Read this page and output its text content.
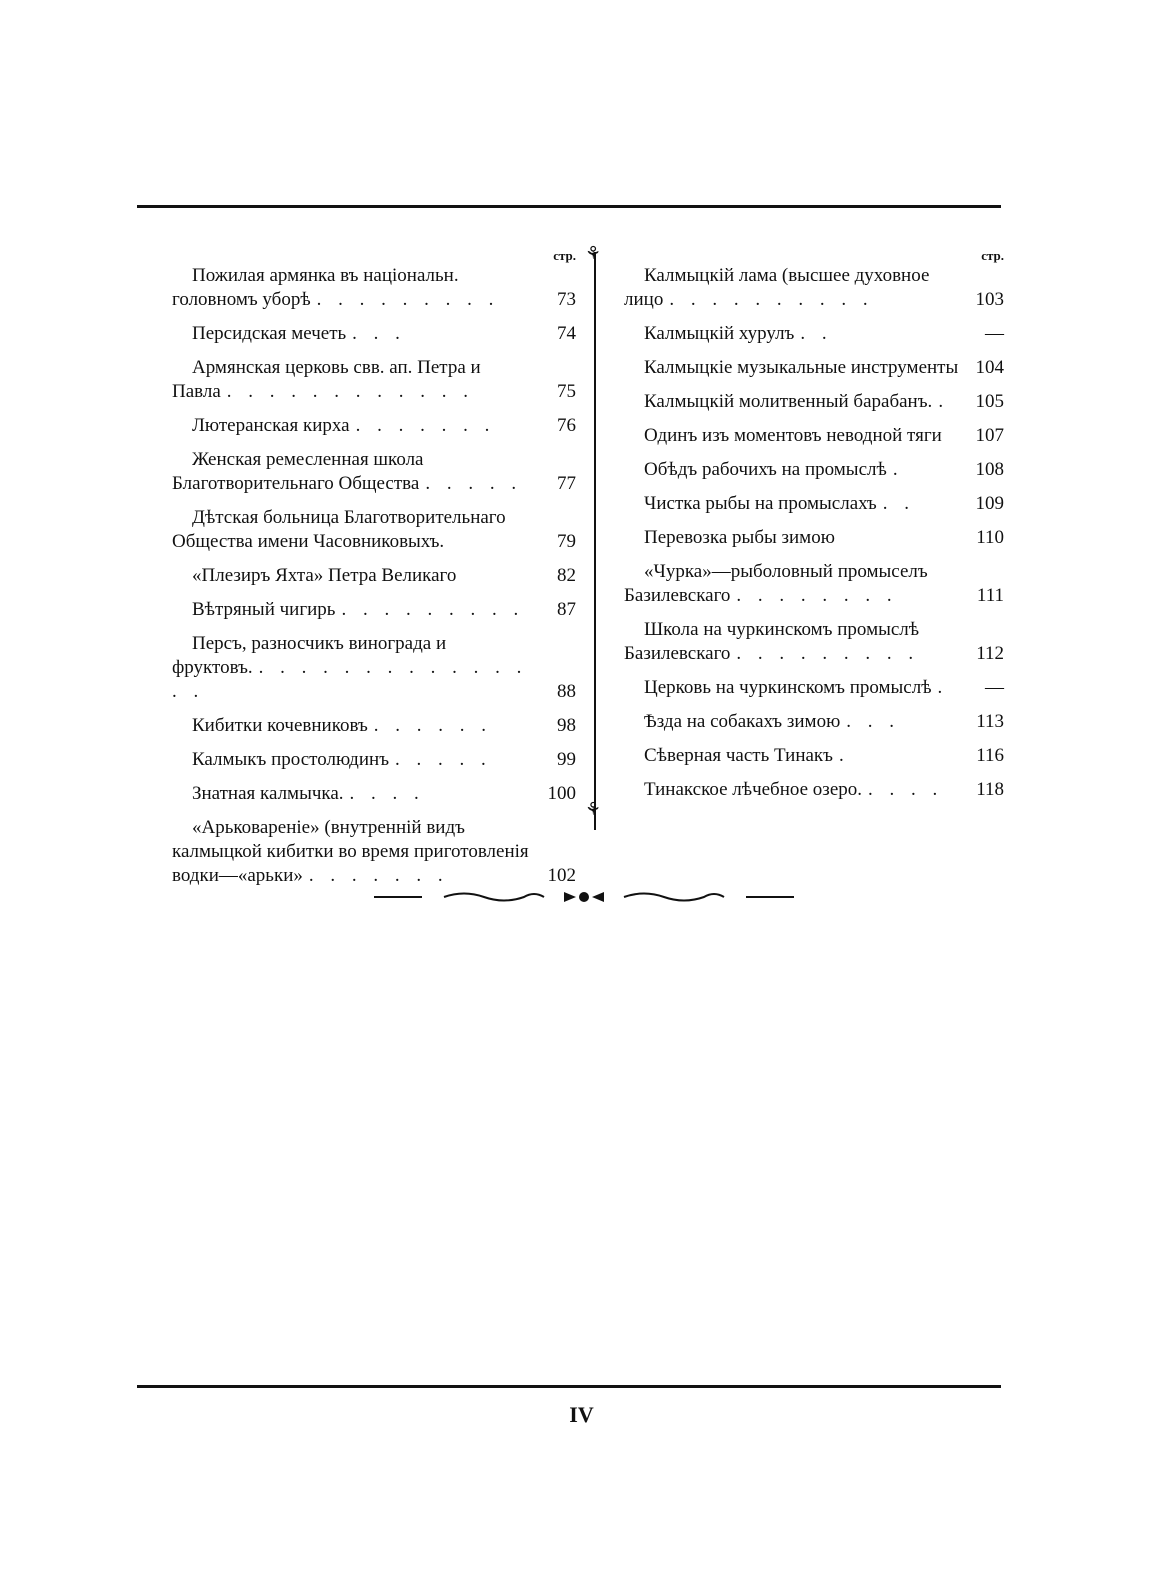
стр.
Пожилая армянка въ національн. головномъ уборѣ . . . . . . . . .	73
Персидская мечеть . . .	74
Армянская церковь свв. ап. Петра и Павла . . . . . . . . . . . .	75
Лютеранская кирха . . . . . . .	76
Женская ремесленная школа Благотворительнаго Общества . . . . .	77
Дѣтская больница Благотворительнаго Общества имени Часовниковыхъ.	79
«Плезиръ Яхта» Петра Великаго	82
Вѣтряный чигирь . . . . . . . . .	87
Персъ, разносчикъ винограда и фруктовъ. . . . . . . . . . . . . . . .	88
Кибитки кочевниковъ . . . . . .	98
Калмыкъ простолюдинъ . . . . .	99
Знатная калмычка. . . . .	100
«Арьковареніе» (внутренній видъ калмыцкой кибитки во время приготовленія водки—«арьки» . . . . . . .	102
⚘
⚘
стр.
Калмыцкій лама (высшее духовное лицо . . . . . . . . . .	103
Калмыцкій хурулъ . .	—
Калмыцкіе музыкальные инструменты 104
Калмыцкій молитвенный барабанъ. .	105
Одинъ изъ моментовъ неводной тяги	107
Обѣдъ рабочихъ на промыслѣ .	108
Чистка рыбы на промыслахъ . .	109
Перевозка рыбы зимою	110
«Чурка»—рыболовный промыселъ Базилевскаго . . . . . . . .	111
Школа на чуркинскомъ промыслѣ Базилевскаго . . . . . . . . .	112
Церковь на чуркинскомъ промыслѣ .	—
Ѣзда на собакахъ зимою . . .	113
Сѣверная часть Тинакъ .	116
Тинакское лѣчебное озеро. . . . .	118
IV
